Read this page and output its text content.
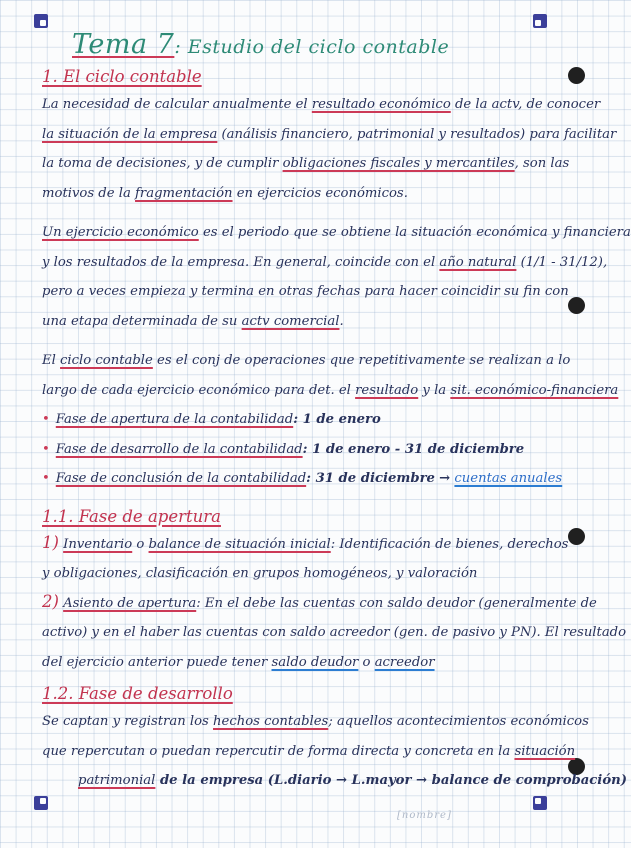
Tema 7: Estudio del ciclo contable
1. El ciclo contable
La necesidad de calcular anualmente el resultado económico de la actv, de conocer
la situación de la empresa (análisis financiero, patrimonial y resultados) para facilitar
la toma de decisiones, y de cumplir obligaciones fiscales y mercantiles, son las
motivos de la fragmentación en ejercicios económicos.
Un ejercicio económico es el periodo que se obtiene la situación económica y financiera
y los resultados de la empresa. En general, coincide con el año natural (1/1 - 31/12),
pero a veces empieza y termina en otras fechas para hacer coincidir su fin con
una etapa determinada de su actv comercial.
El ciclo contable es el conj de operaciones que repetitivamente se realizan a lo
largo de cada ejercicio económico para det. el resultado y la sit. económico-financiera
• Fase de apertura de la contabilidad: 1 de enero
• Fase de desarrollo de la contabilidad: 1 de enero - 31 de diciembre
• Fase de conclusión de la contabilidad: 31 de diciembre → cuentas anuales
1.1. Fase de apertura
1) Inventario o balance de situación inicial: Identificación de bienes, derechos
y obligaciones, clasificación en grupos homogéneos, y valoración
2) Asiento de apertura: En el debe las cuentas con saldo deudor (generalmente de
activo) y en el haber las cuentas con saldo acreedor (gen. de pasivo y PN). El resultado
del ejercicio anterior puede tener saldo deudor o acreedor
1.2. Fase de desarrollo
Se captan y registran los hechos contables; aquellos acontecimientos económicos
que repercutan o puedan repercutir de forma directa y concreta en la situación
patrimonial de la empresa (L.diario → L.mayor → balance de comprobación)
[nombre]
